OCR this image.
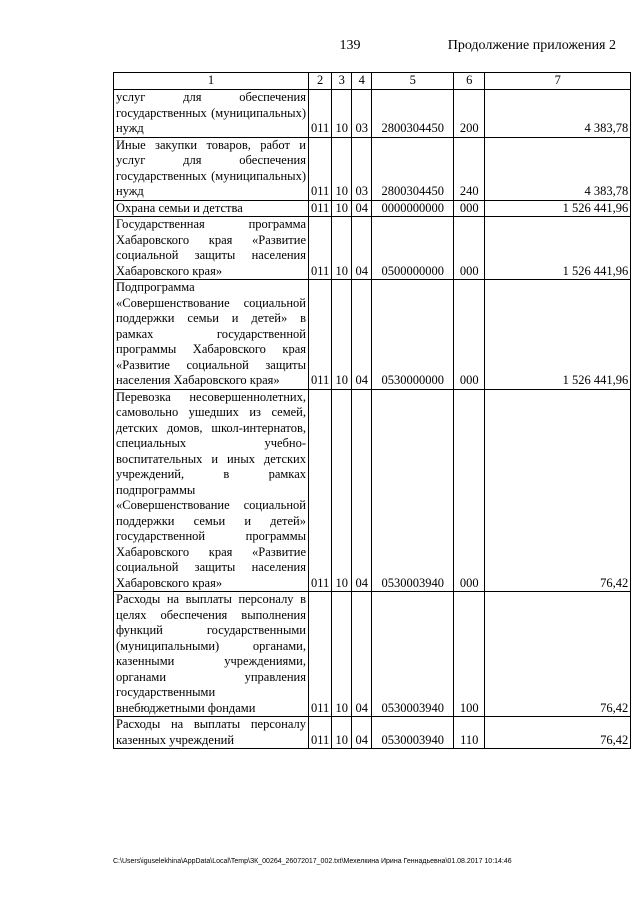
139	Продолжение приложения 2
1	2	3	4	5	6	7
услуг для обеспечения государственных (муниципальных) нужд	011	10	03	2800304450	200	4 383,78
Иные закупки товаров, работ и услуг для обеспечения государственных (муниципальных) нужд	011	10	03	2800304450	240	4 383,78
Охрана семьи и детства	011	10	04	0000000000	000	1 526 441,96
Государственная программа Хабаровского края «Развитие социальной защиты населения Хабаровского края»	011	10	04	0500000000	000	1 526 441,96
Подпрограмма «Совершенствование социальной поддержки семьи и детей» в рамках государственной программы Хабаровского края «Развитие социальной защиты населения Хабаровского края»	011	10	04	0530000000	000	1 526 441,96
Перевозка несовершеннолетних, самовольно ушедших из семей, детских домов, школ-интернатов, специальных учебно-воспитательных и иных детских учреждений, в рамках подпрограммы «Совершенствование социальной поддержки семьи и детей» государственной программы Хабаровского края «Развитие социальной защиты населения Хабаровского края»	011	10	04	0530003940	000	76,42
Расходы на выплаты персоналу в целях обеспечения выполнения функций государственными (муниципальными) органами, казенными учреждениями, органами управления государственными внебюджетными фондами	011	10	04	0530003940	100	76,42
Расходы на выплаты персоналу казенных учреждений	011	10	04	0530003940	110	76,42
C:\Users\iguselekhina\AppData\Local\Temp\ЗК_00264_26072017_002.txt\Мехелкина Ирина Геннадьевна\01.08.2017 10:14:46
